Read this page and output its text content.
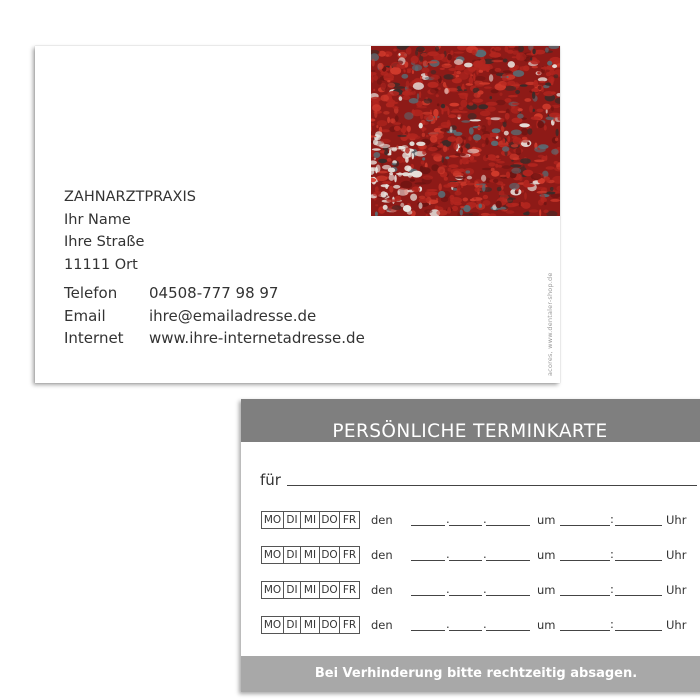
ZAHNARZTPRAXIS
Ihr Name
Ihre Straße
11111 Ort
Telefon	04508-777 98 97
Email	ihre@emailadresse.de
Internet	www.ihre-internetadresse.de	acores, www.dentaler-shop.de
PERSÖNLICHE TERMINKARTE
für
MO DI MI DO FR	den	.	.	um	:	Uhr
MO DI MI DO FR	den	.	.	um	:	Uhr
MO DI MI DO FR	den	.	.	um	:	Uhr
MO DI MI DO FR	den	.	.	um	:	Uhr
Bei Verhinderung bitte rechtzeitig absagen.
